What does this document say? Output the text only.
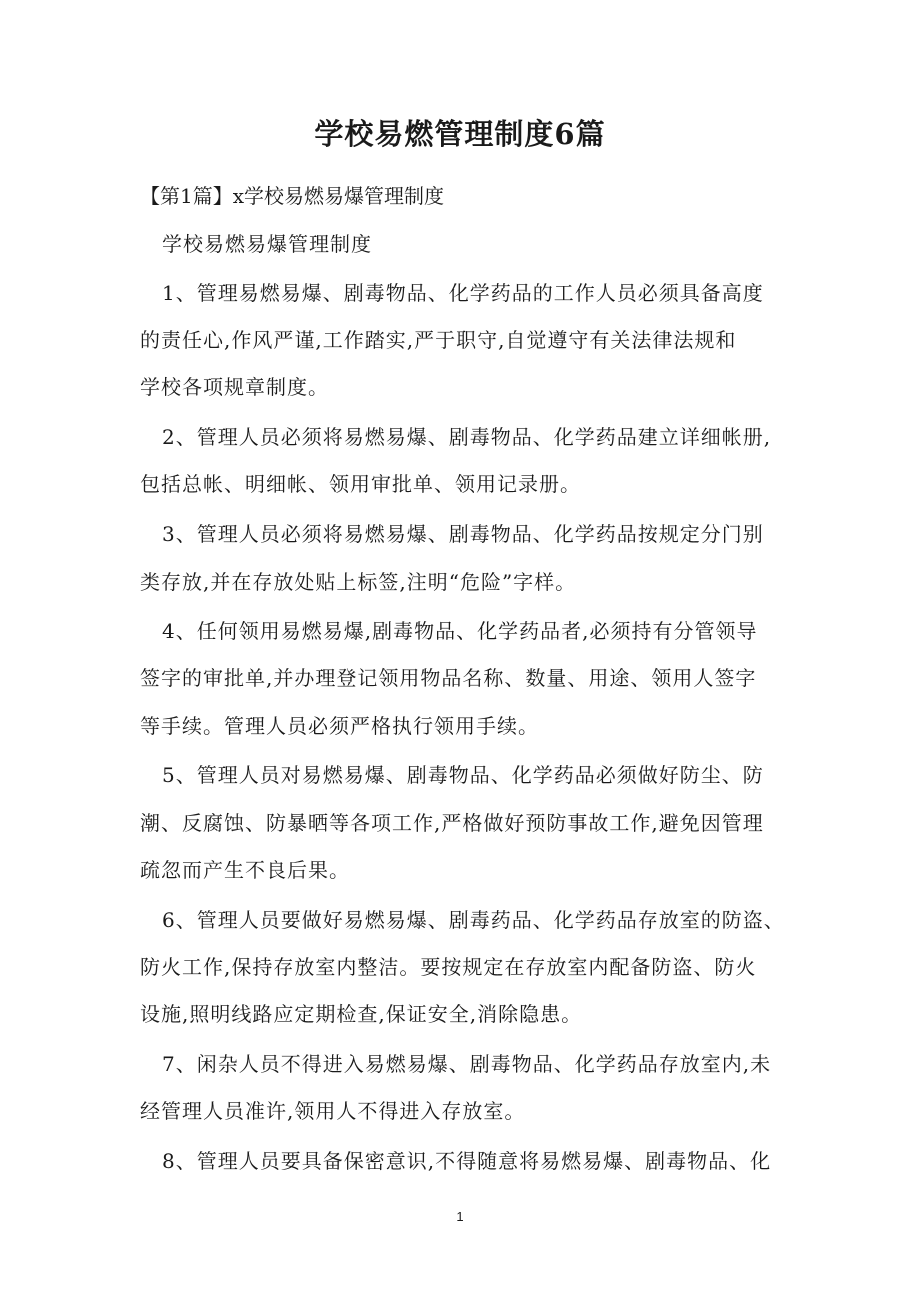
学校易燃管理制度6篇
【第1篇】x学校易燃易爆管理制度
学校易燃易爆管理制度
1、管理易燃易爆、剧毒物品、化学药品的工作人员必须具备高度
的责任心,作风严谨,工作踏实,严于职守,自觉遵守有关法律法规和
学校各项规章制度。
2、管理人员必须将易燃易爆、剧毒物品、化学药品建立详细帐册,
包括总帐、明细帐、领用审批单、领用记录册。
3、管理人员必须将易燃易爆、剧毒物品、化学药品按规定分门别
类存放,并在存放处贴上标签,注明“危险”字样。
4、任何领用易燃易爆,剧毒物品、化学药品者,必须持有分管领导
签字的审批单,并办理登记领用物品名称、数量、用途、领用人签字
等手续。管理人员必须严格执行领用手续。
5、管理人员对易燃易爆、剧毒物品、化学药品必须做好防尘、防
潮、反腐蚀、防暴晒等各项工作,严格做好预防事故工作,避免因管理
疏忽而产生不良后果。
6、管理人员要做好易燃易爆、剧毒药品、化学药品存放室的防盗、
防火工作,保持存放室内整洁。要按规定在存放室内配备防盗、防火
设施,照明线路应定期检查,保证安全,消除隐患。
7、闲杂人员不得进入易燃易爆、剧毒物品、化学药品存放室内,未
经管理人员准许,领用人不得进入存放室。
8、管理人员要具备保密意识,不得随意将易燃易爆、剧毒物品、化
1
